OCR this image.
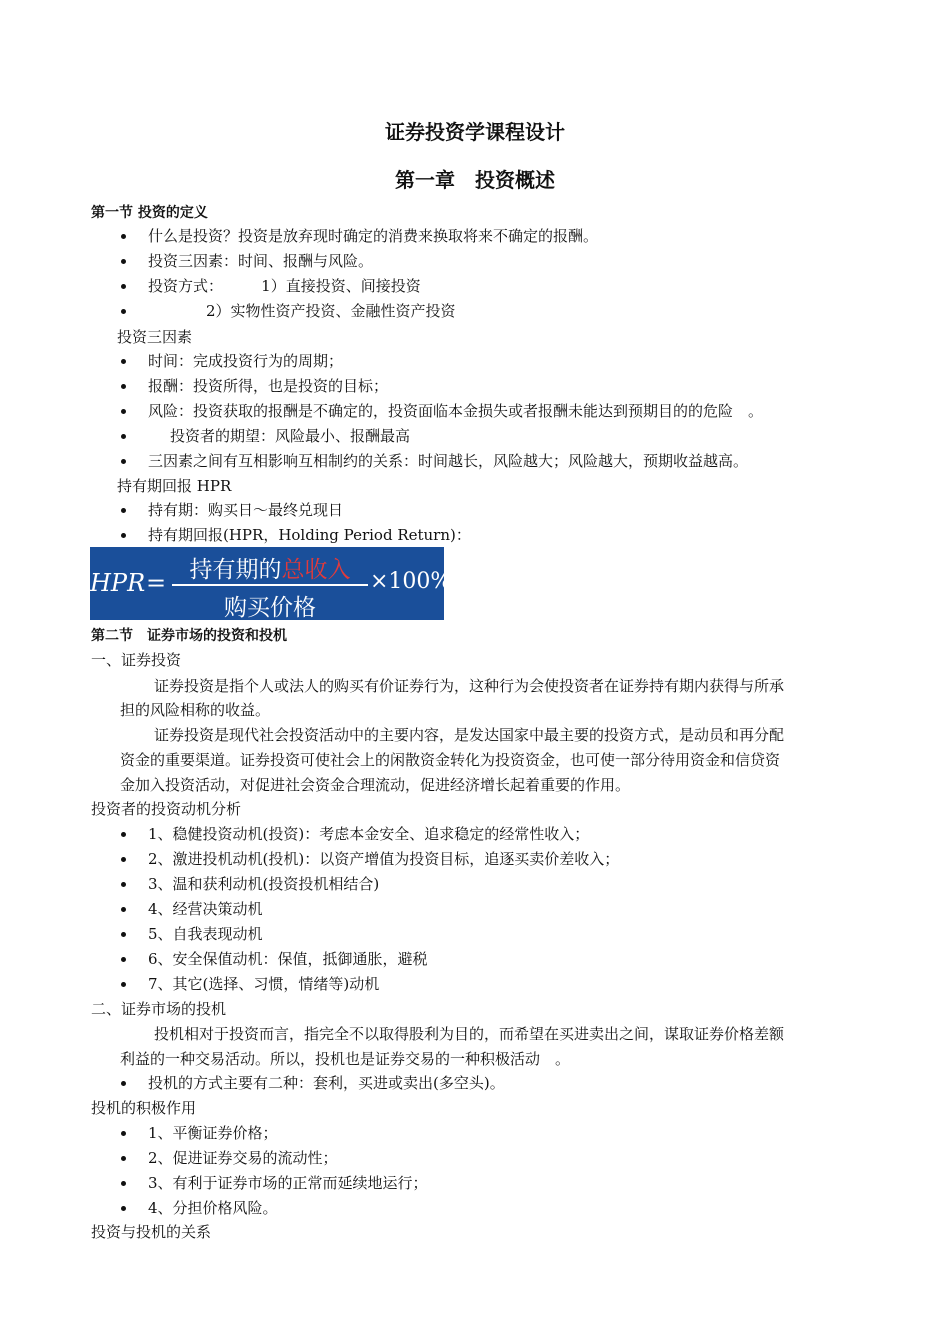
证券投资学课程设计
第一章　投资概述
第一节 投资的定义
什么是投资？投资是放弃现时确定的消费来换取将来不确定的报酬。
投资三因素：时间、报酬与风险。
投资方式：        1）直接投资、间接投资
2）实物性资产投资、金融性资产投资
投资三因素
时间：完成投资行为的周期；
报酬：投资所得，也是投资的目标；
风险：投资获取的报酬是不确定的，投资面临本金损失或者报酬未能达到预期目的的危险　。
投资者的期望：风险最小、报酬最高
三因素之间有互相影响互相制约的关系：时间越长，风险越大；风险越大，预期收益越高。
持有期回报 HPR
持有期：购买日～最终兑现日
持有期回报(HPR，Holding Period Return)：
HPR =	持有期的总收入
购买价格
×100%
第二节　证券市场的投资和投机
一、证券投资
证券投资是指个人或法人的购买有价证券行为，这种行为会使投资者在证券持有期内获得与所承
担的风险相称的收益。
证券投资是现代社会投资活动中的主要内容，是发达国家中最主要的投资方式，是动员和再分配
资金的重要渠道。证券投资可使社会上的闲散资金转化为投资资金，也可使一部分待用资金和信贷资
金加入投资活动，对促进社会资金合理流动，促进经济增长起着重要的作用。
投资者的投资动机分析
1、稳健投资动机(投资)：考虑本金安全、追求稳定的经常性收入；
2、激进投机动机(投机)：以资产增值为投资目标，追逐买卖价差收入；
3、温和获利动机(投资投机相结合)
4、经营决策动机
5、自我表现动机
6、安全保值动机：保值，抵御通胀，避税
7、其它(选择、习惯，情绪等)动机
二、证券市场的投机
投机相对于投资而言，指完全不以取得股利为目的，而希望在买进卖出之间，谋取证券价格差额
利益的一种交易活动。所以，投机也是证券交易的一种积极活动　。
投机的方式主要有二种：套利，买进或卖出(多空头)。
投机的积极作用
1、平衡证券价格；
2、促进证券交易的流动性；
3、有利于证券市场的正常而延续地运行；
4、分担价格风险。
投资与投机的关系
